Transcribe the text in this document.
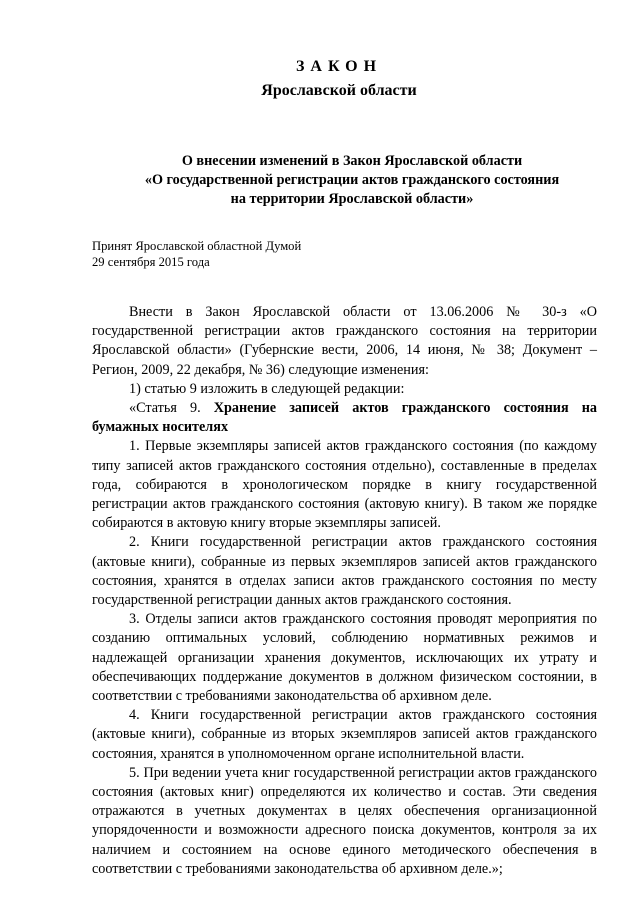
ЗАКОН
Ярославской области
О внесении изменений в Закон Ярославской области
«О государственной регистрации актов гражданского состояния
на территории Ярославской области»
Принят Ярославской областной Думой
29 сентября 2015 года

Внести в Закон Ярославской области от 13.06.2006 № 30-з «О государственной регистрации актов гражданского состояния на территории Ярославской области» (Губернские вести, 2006, 14 июня, № 38; Документ – Регион, 2009, 22 декабря, № 36) следующие изменения:

1) статью 9 изложить в следующей редакции:

«Статья 9. Хранение записей актов гражданского состояния на бумажных носителях

1. Первые экземпляры записей актов гражданского состояния (по каждому типу записей актов гражданского состояния отдельно), составленные в пределах года, собираются в хронологическом порядке в книгу государственной регистрации актов гражданского состояния (актовую книгу). В таком же порядке собираются в актовую книгу вторые экземпляры записей.

2. Книги государственной регистрации актов гражданского состояния (актовые книги), собранные из первых экземпляров записей актов гражданского состояния, хранятся в отделах записи актов гражданского состояния по месту государственной регистрации данных актов гражданского состояния.

3. Отделы записи актов гражданского состояния проводят мероприятия по созданию оптимальных условий, соблюдению нормативных режимов и надлежащей организации хранения документов, исключающих их утрату и обеспечивающих поддержание документов в должном физическом состоянии, в соответствии с требованиями законодательства об архивном деле.

4. Книги государственной регистрации актов гражданского состояния (актовые книги), собранные из вторых экземпляров записей актов гражданского состояния, хранятся в уполномоченном органе исполнительной власти.

5. При ведении учета книг государственной регистрации актов гражданского состояния (актовых книг) определяются их количество и состав. Эти сведения отражаются в учетных документах в целях обеспечения организационной упорядоченности и возможности адресного поиска документов, контроля за их наличием и состоянием на основе единого методического обеспечения в соответствии с требованиями законодательства об архивном деле.»;
